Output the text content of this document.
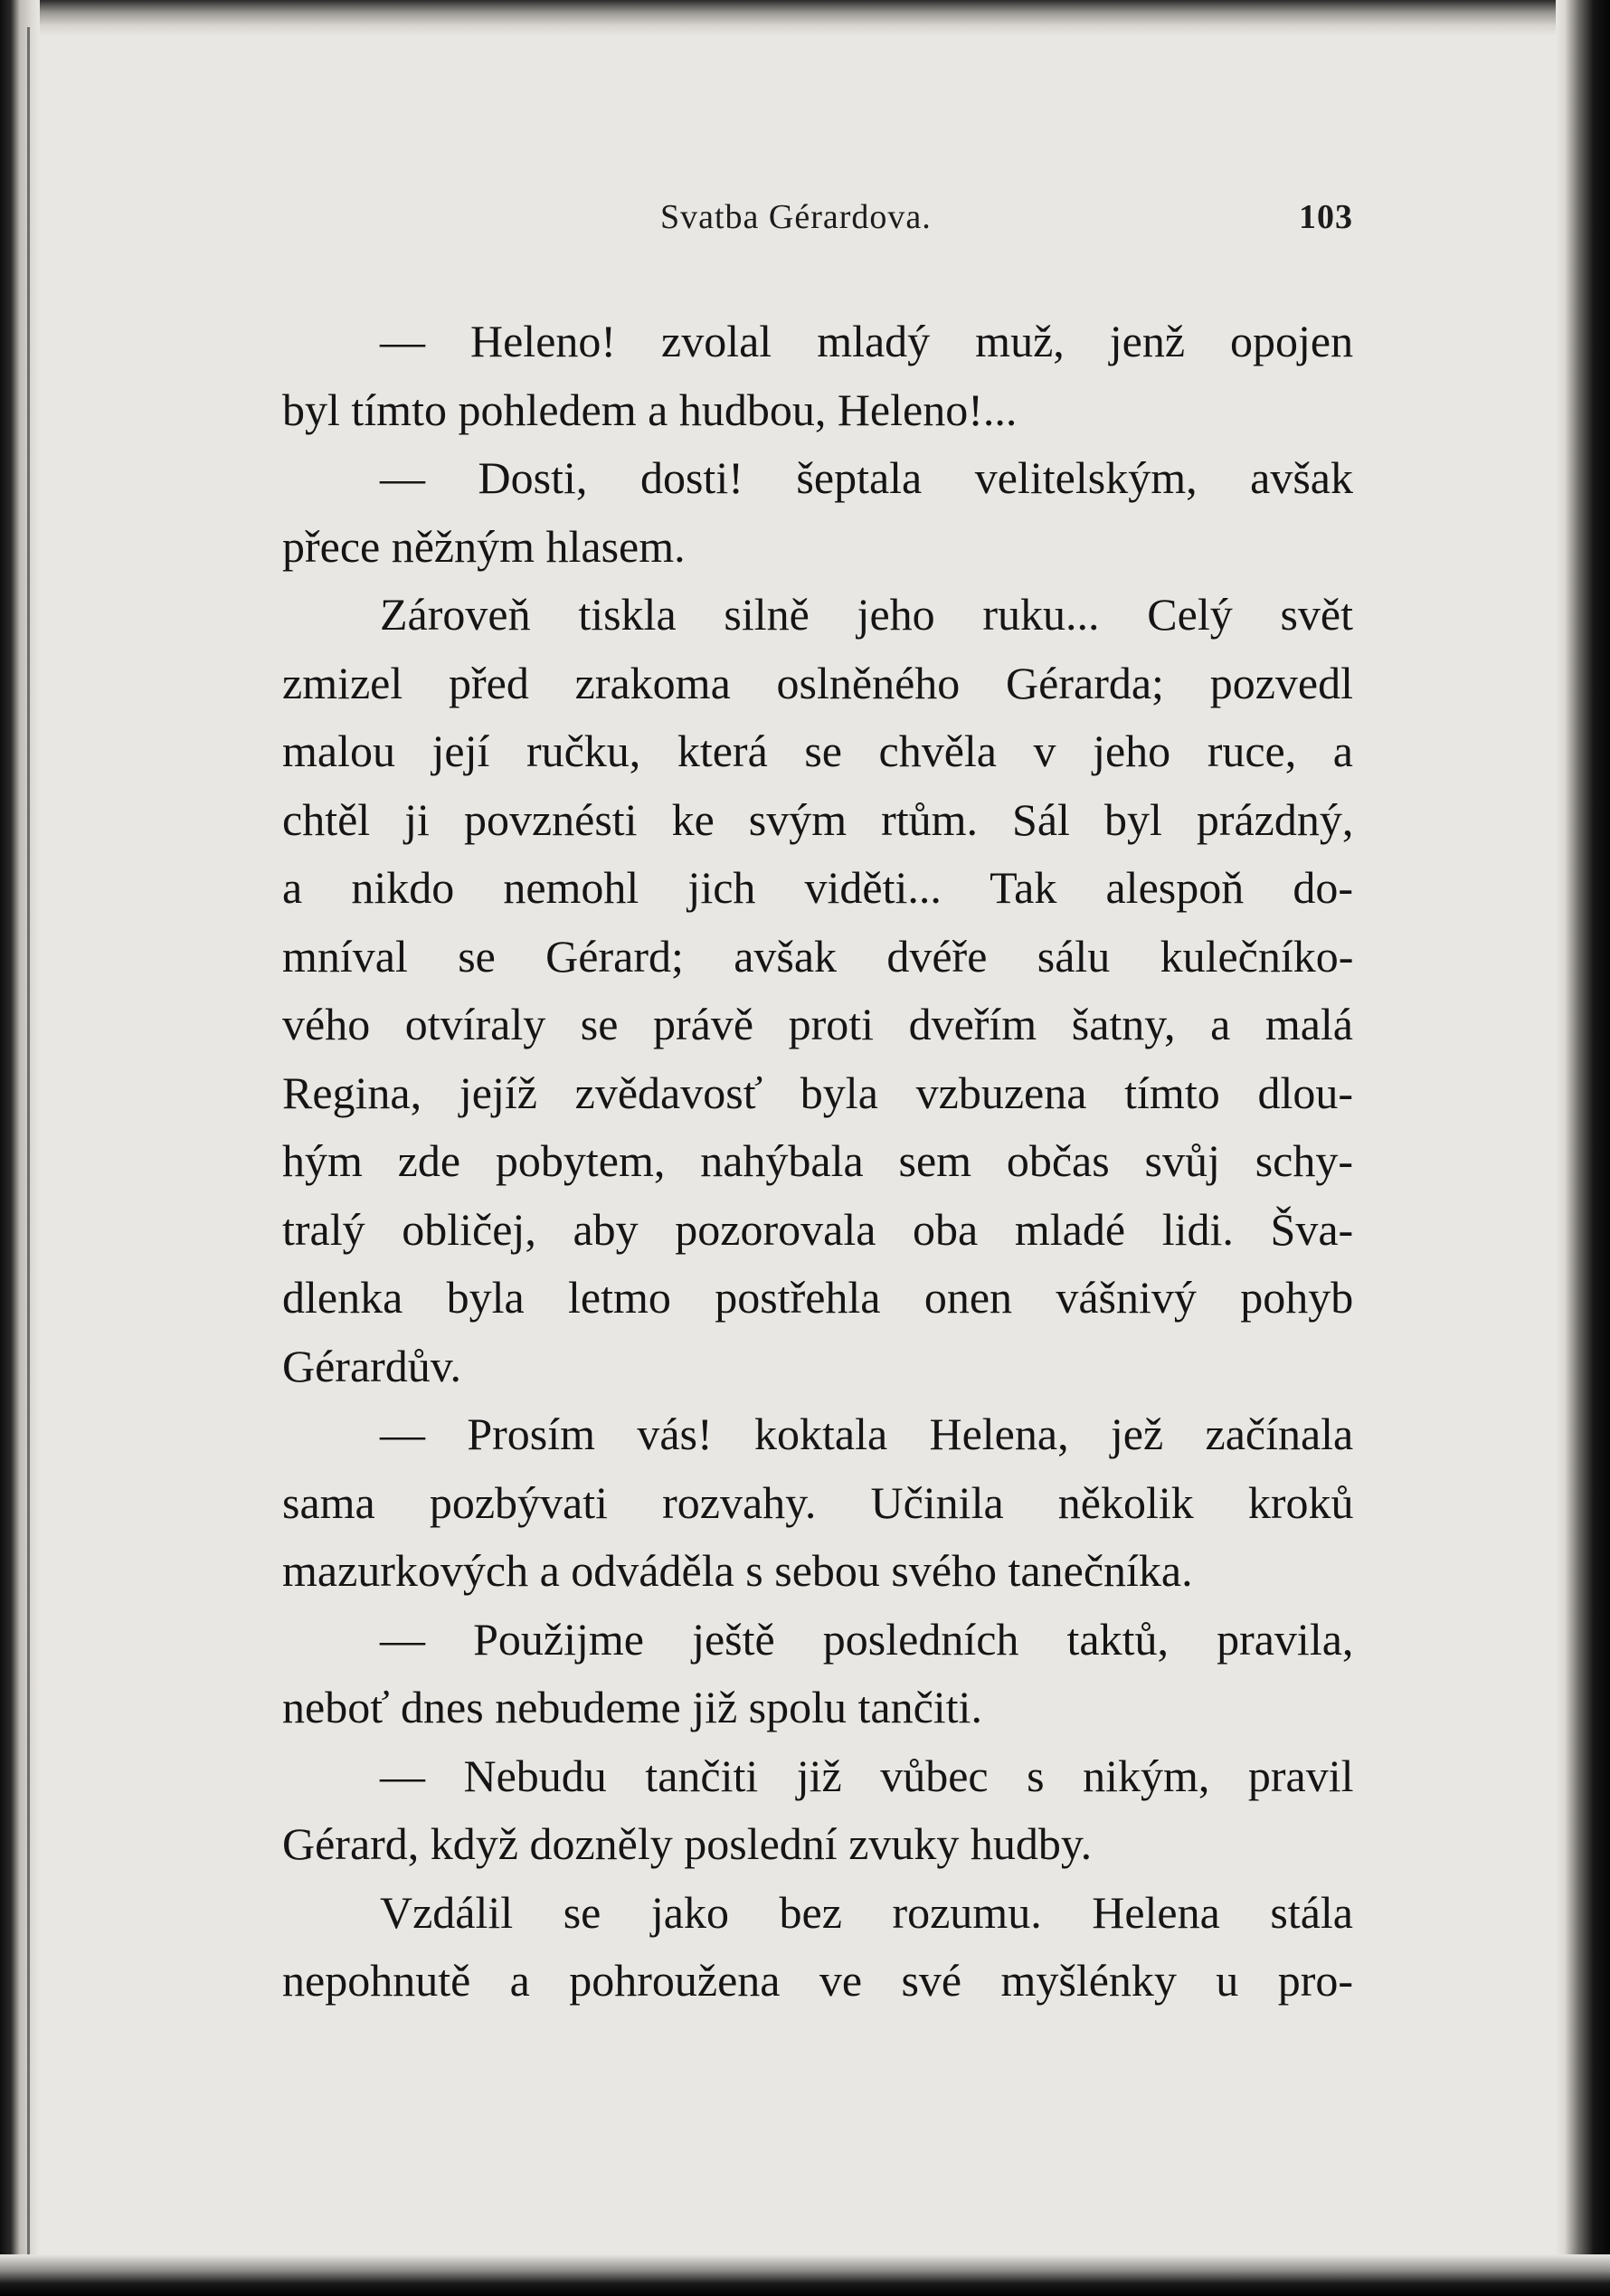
Svatba Gérardova.	103

— Heleno! zvolal mladý muž, jenž opojen
byl tímto pohledem a hudbou, Heleno!...

— Dosti, dosti! šeptala velitelským, avšak
přece něžným hlasem.

Zároveň tiskla silně jeho ruku... Celý svět
zmizel před zrakoma oslněného Gérarda; pozvedl
malou její ručku, která se chvěla v jeho ruce, a
chtěl ji povznésti ke svým rtům. Sál byl prázdný,
a nikdo nemohl jich viděti... Tak alespoň do-
mníval se Gérard; avšak dvéře sálu kulečníko-
vého otvíraly se právě proti dveřím šatny, a malá
Regina, jejíž zvědavosť byla vzbuzena tímto dlou-
hým zde pobytem, nahýbala sem občas svůj schy-
tralý obličej, aby pozorovala oba mladé lidi. Šva-
dlenka byla letmo postřehla onen vášnivý pohyb
Gérardův.

— Prosím vás! koktala Helena, jež začínala
sama pozbývati rozvahy. Učinila několik kroků
mazurkových a odváděla s sebou svého tanečníka.

— Použijme ještě posledních taktů, pravila,
neboť dnes nebudeme již spolu tančiti.

— Nebudu tančiti již vůbec s nikým, pravil
Gérard, když dozněly poslední zvuky hudby.

Vzdálil se jako bez rozumu. Helena stála
nepohnutě a pohroužena ve své myšlénky u pro-
